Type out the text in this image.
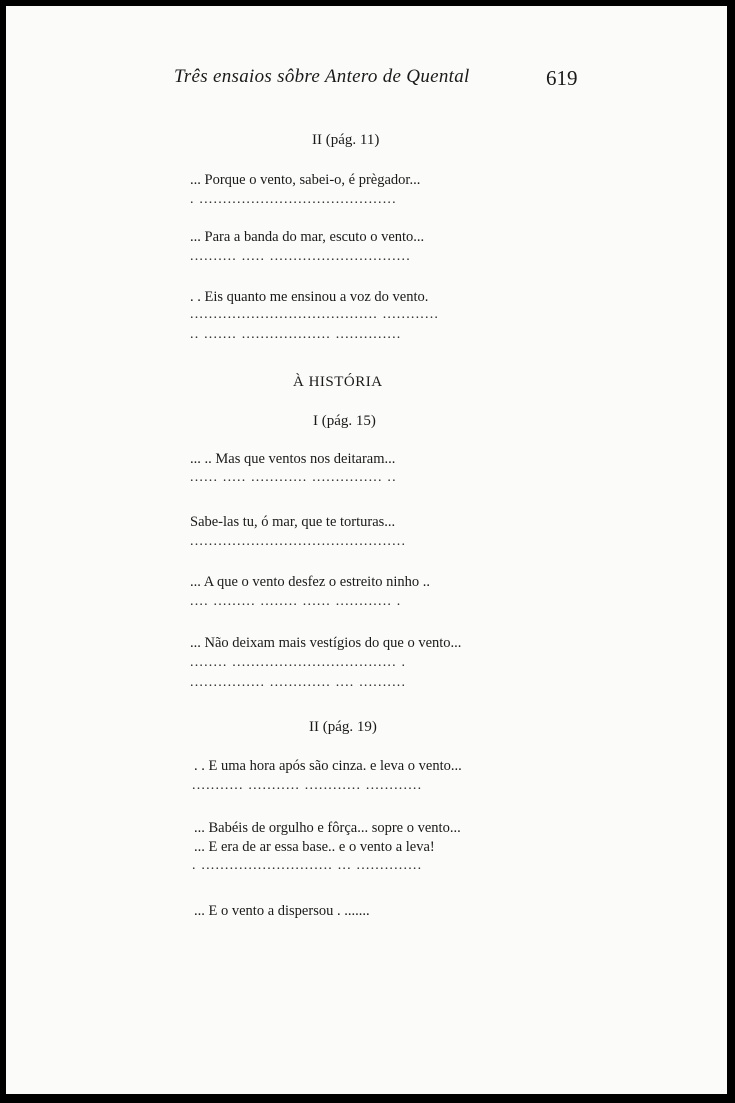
Três ensaios sôbre Antero de Quental	619
II (pág. 11)
... Porque o vento, sabei-o, é prègador...
. ..........................................
... Para a banda do mar, escuto o vento...
.......... ..... ..............................
. . Eis quanto me ensinou a voz do vento.
........................................ ............
.. ....... ................... ..............
À HISTÓRIA
I (pág. 15)
... .. Mas que ventos nos deitaram...
...... ..... ............ ............... ..
Sabe-las tu, ó mar, que te torturas...
..............................................
... A que o vento desfez o estreito ninho ..
.... ......... ........ ...... ............ .
... Não deixam mais vestígios do que o vento...
........ ................................... .
................ ............. .... ..........
II (pág. 19)
. . E uma hora após são cinza. e leva o vento...
........... ........... ............ ............
... Babéis de orgulho e fôrça... sopre o vento...
... E era de ar essa base.. e o vento a leva!
. ............................ ... ..............
... E o vento a dispersou . .......
